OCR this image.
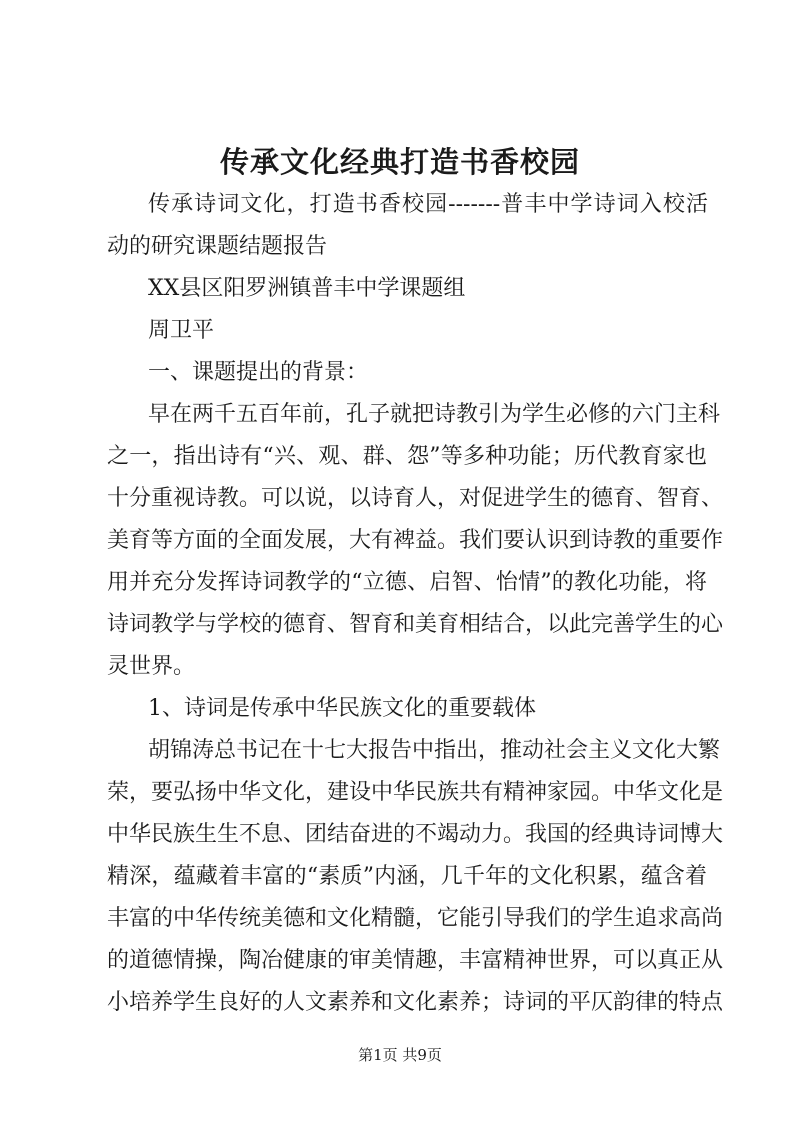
传承文化经典打造书香校园
传承诗词文化，打造书香校园-------普丰中学诗词入校活
动的研究课题结题报告
XX县区阳罗洲镇普丰中学课题组
周卫平
一、课题提出的背景：
早在两千五百年前，孔子就把诗教引为学生必修的六门主科
之一，指出诗有“兴、观、群、怨”等多种功能；历代教育家也
十分重视诗教。可以说，以诗育人，对促进学生的德育、智育、
美育等方面的全面发展，大有裨益。我们要认识到诗教的重要作
用并充分发挥诗词教学的“立德、启智、怡情”的教化功能，将
诗词教学与学校的德育、智育和美育相结合，以此完善学生的心
灵世界。
1、诗词是传承中华民族文化的重要载体
胡锦涛总书记在十七大报告中指出，推动社会主义文化大繁
荣，要弘扬中华文化，建设中华民族共有精神家园。中华文化是
中华民族生生不息、团结奋进的不竭动力。我国的经典诗词博大
精深，蕴藏着丰富的“素质”内涵，几千年的文化积累，蕴含着
丰富的中华传统美德和文化精髓，它能引导我们的学生追求高尚
的道德情操，陶冶健康的审美情趣，丰富精神世界，可以真正从
小培养学生良好的人文素养和文化素养；诗词的平仄韵律的特点
第1页 共9页
